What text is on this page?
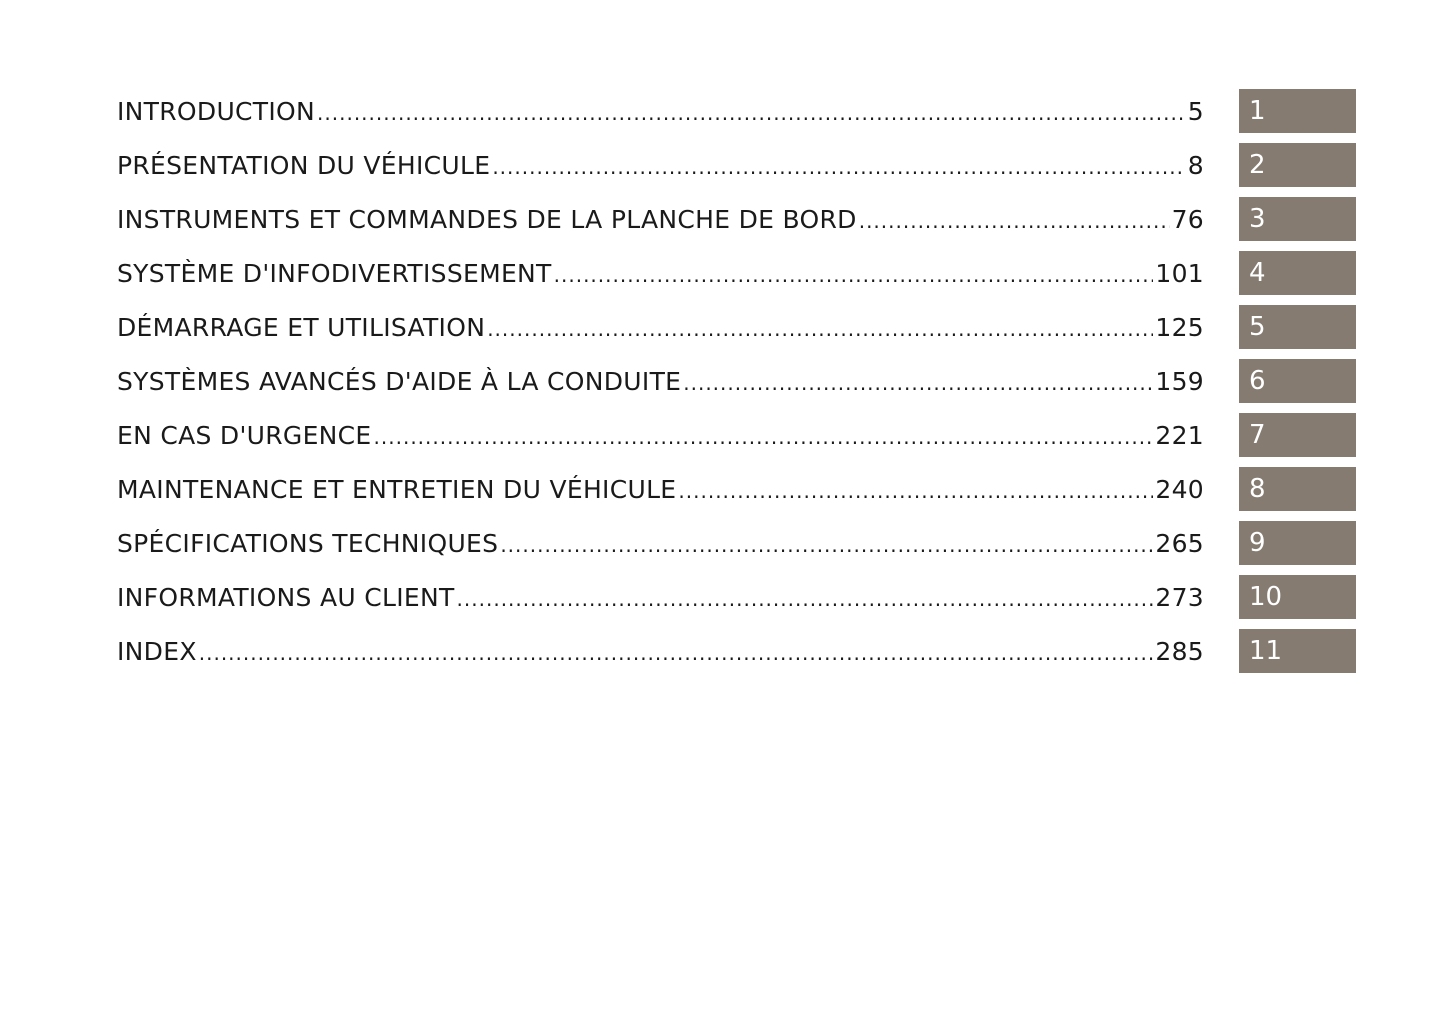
INTRODUCTION .....	5	1
PRÉSENTATION DU VÉHICULE .....	8	2
INSTRUMENTS ET COMMANDES DE LA PLANCHE DE BORD .....	76	3
SYSTÈME D'INFODIVERTISSEMENT .....	101	4
DÉMARRAGE ET UTILISATION .....	125	5
SYSTÈMES AVANCÉS D'AIDE À LA CONDUITE .....	159	6
EN CAS D'URGENCE .....	221	7
MAINTENANCE ET ENTRETIEN DU VÉHICULE .....	240	8
SPÉCIFICATIONS TECHNIQUES .....	265	9
INFORMATIONS AU CLIENT .....	273	10
INDEX .....	285	11
